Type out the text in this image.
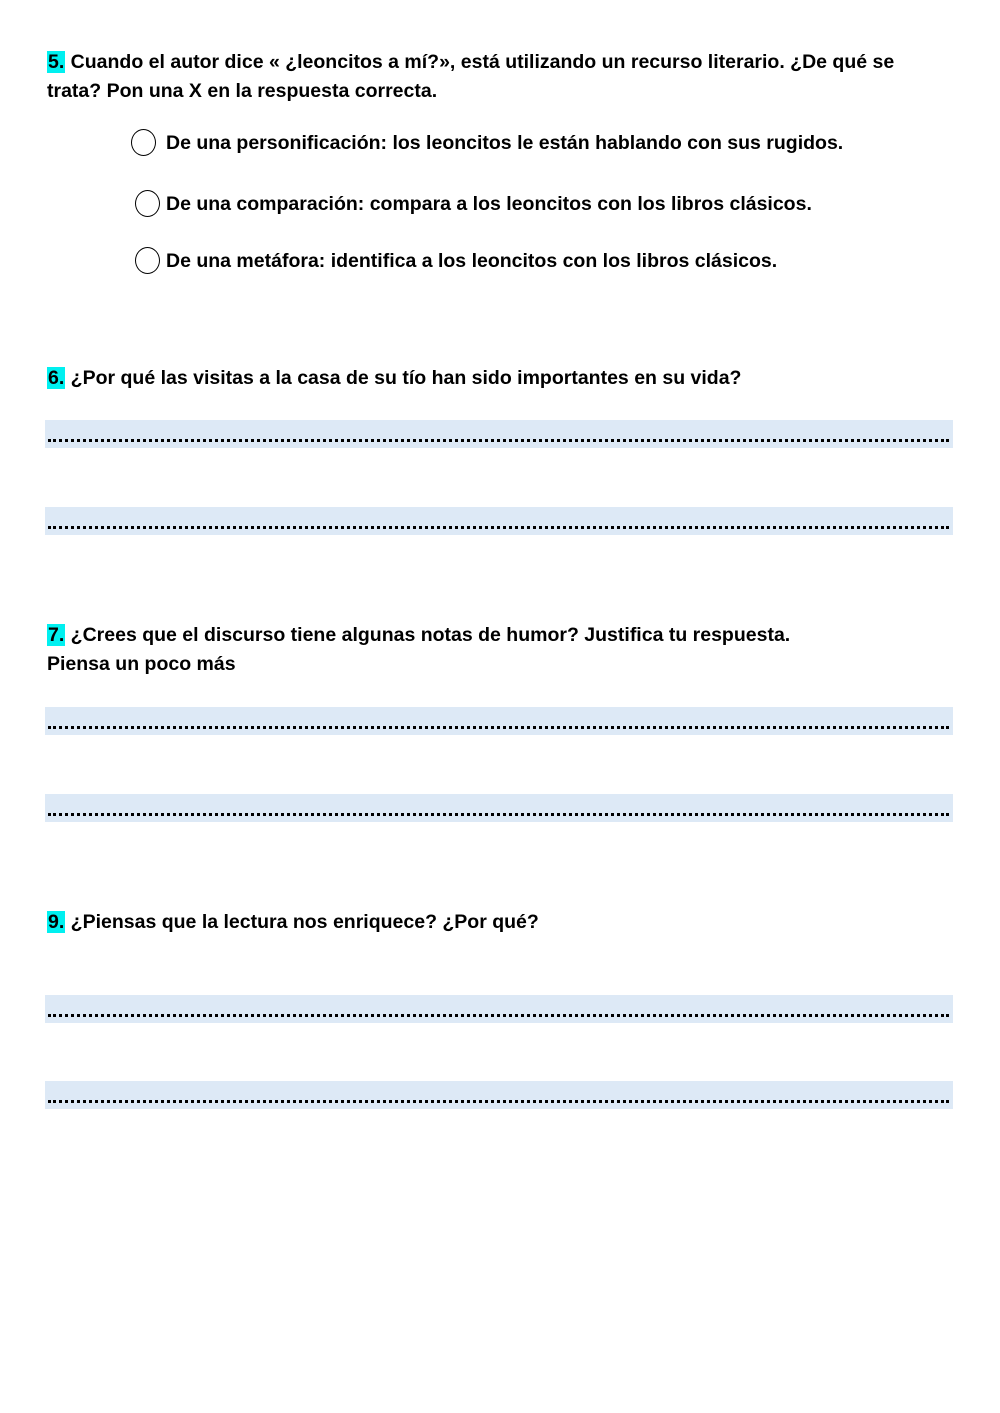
5. Cuando el autor dice « ¿leoncitos a mí?», está utilizando un recurso literario. ¿De qué se trata? Pon una X en la respuesta correcta.
De una personificación: los leoncitos le están hablando con sus rugidos.
De una comparación: compara a los leoncitos con los libros clásicos.
De una metáfora: identifica a los leoncitos con los libros clásicos.
6. ¿Por qué las visitas a la casa de su tío han sido importantes en su vida?
7. ¿Crees que el discurso tiene algunas notas de humor? Justifica tu respuesta.
Piensa un poco más
9. ¿Piensas que la lectura nos enriquece? ¿Por qué?
